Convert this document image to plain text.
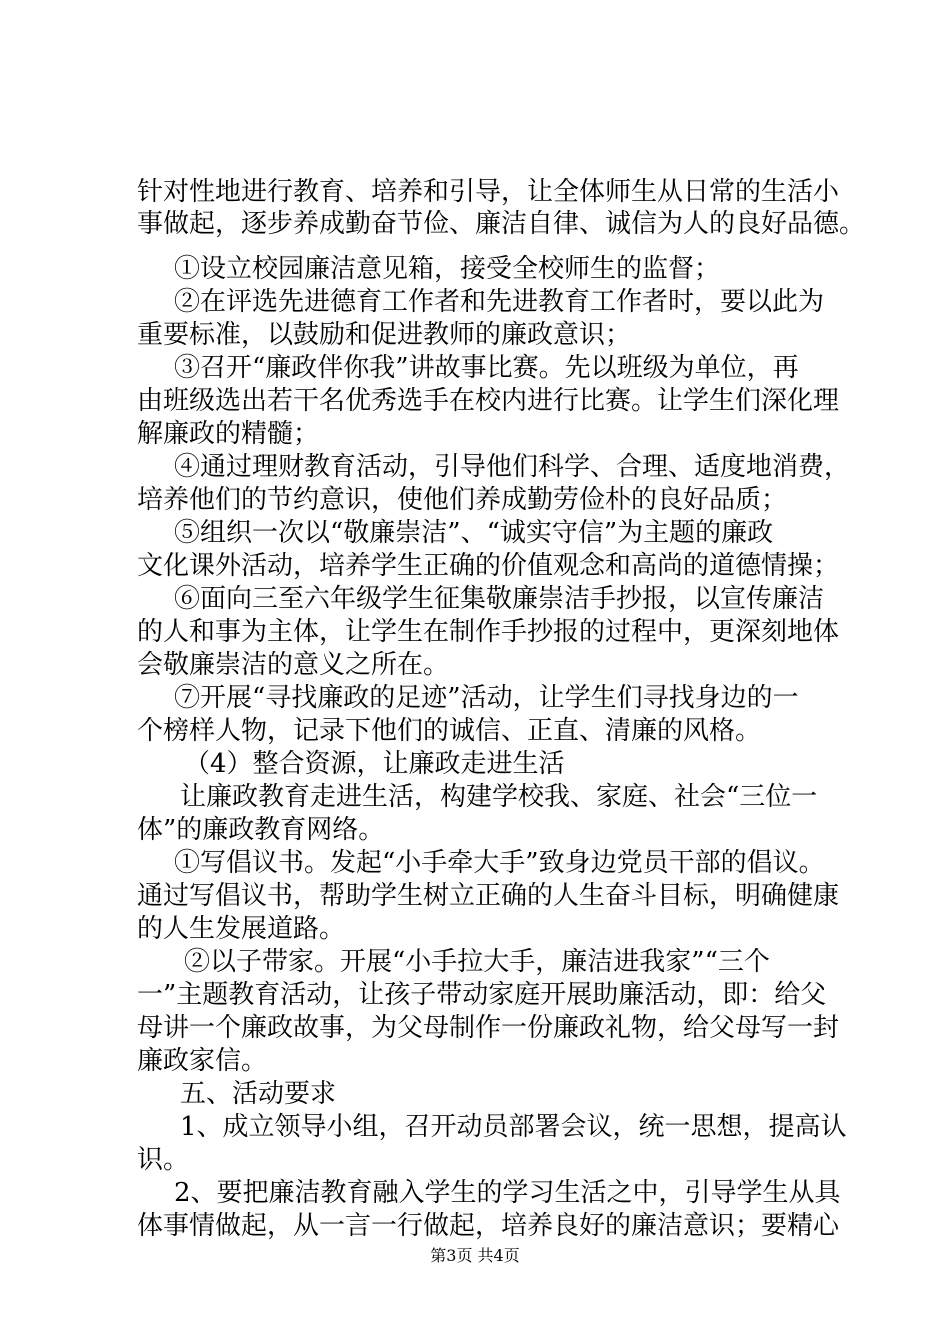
针对性地进行教育、培养和引导，让全体师生从日常的生活小
事做起，逐步养成勤奋节俭、廉洁自律、诚信为人的良好品德。
①设立校园廉洁意见箱，接受全校师生的监督；
②在评选先进德育工作者和先进教育工作者时，要以此为
重要标准，以鼓励和促进教师的廉政意识；
③召开“廉政伴你我”讲故事比赛。先以班级为单位，再
由班级选出若干名优秀选手在校内进行比赛。让学生们深化理
解廉政的精髓；
④通过理财教育活动，引导他们科学、合理、适度地消费，
培养他们的节约意识，使他们养成勤劳俭朴的良好品质；
⑤组织一次以“敬廉崇洁”、“诚实守信”为主题的廉政
文化课外活动，培养学生正确的价值观念和高尚的道德情操；
⑥面向三至六年级学生征集敬廉崇洁手抄报，以宣传廉洁
的人和事为主体，让学生在制作手抄报的过程中，更深刻地体
会敬廉崇洁的意义之所在。
⑦开展“寻找廉政的足迹”活动，让学生们寻找身边的一
个榜样人物，记录下他们的诚信、正直、清廉的风格。
（4）整合资源，让廉政走进生活
让廉政教育走进生活，构建学校我、家庭、社会“三位一
体”的廉政教育网络。
①写倡议书。发起“小手牵大手”致身边党员干部的倡议。
通过写倡议书，帮助学生树立正确的人生奋斗目标，明确健康
的人生发展道路。
②以子带家。开展“小手拉大手，廉洁进我家”“三个
一”主题教育活动，让孩子带动家庭开展助廉活动，即：给父
母讲一个廉政故事，为父母制作一份廉政礼物，给父母写一封
廉政家信。
五、活动要求
1、成立领导小组，召开动员部署会议，统一思想，提高认
识。
2、要把廉洁教育融入学生的学习生活之中，引导学生从具
体事情做起，从一言一行做起，培养良好的廉洁意识；要精心
第3页 共4页
